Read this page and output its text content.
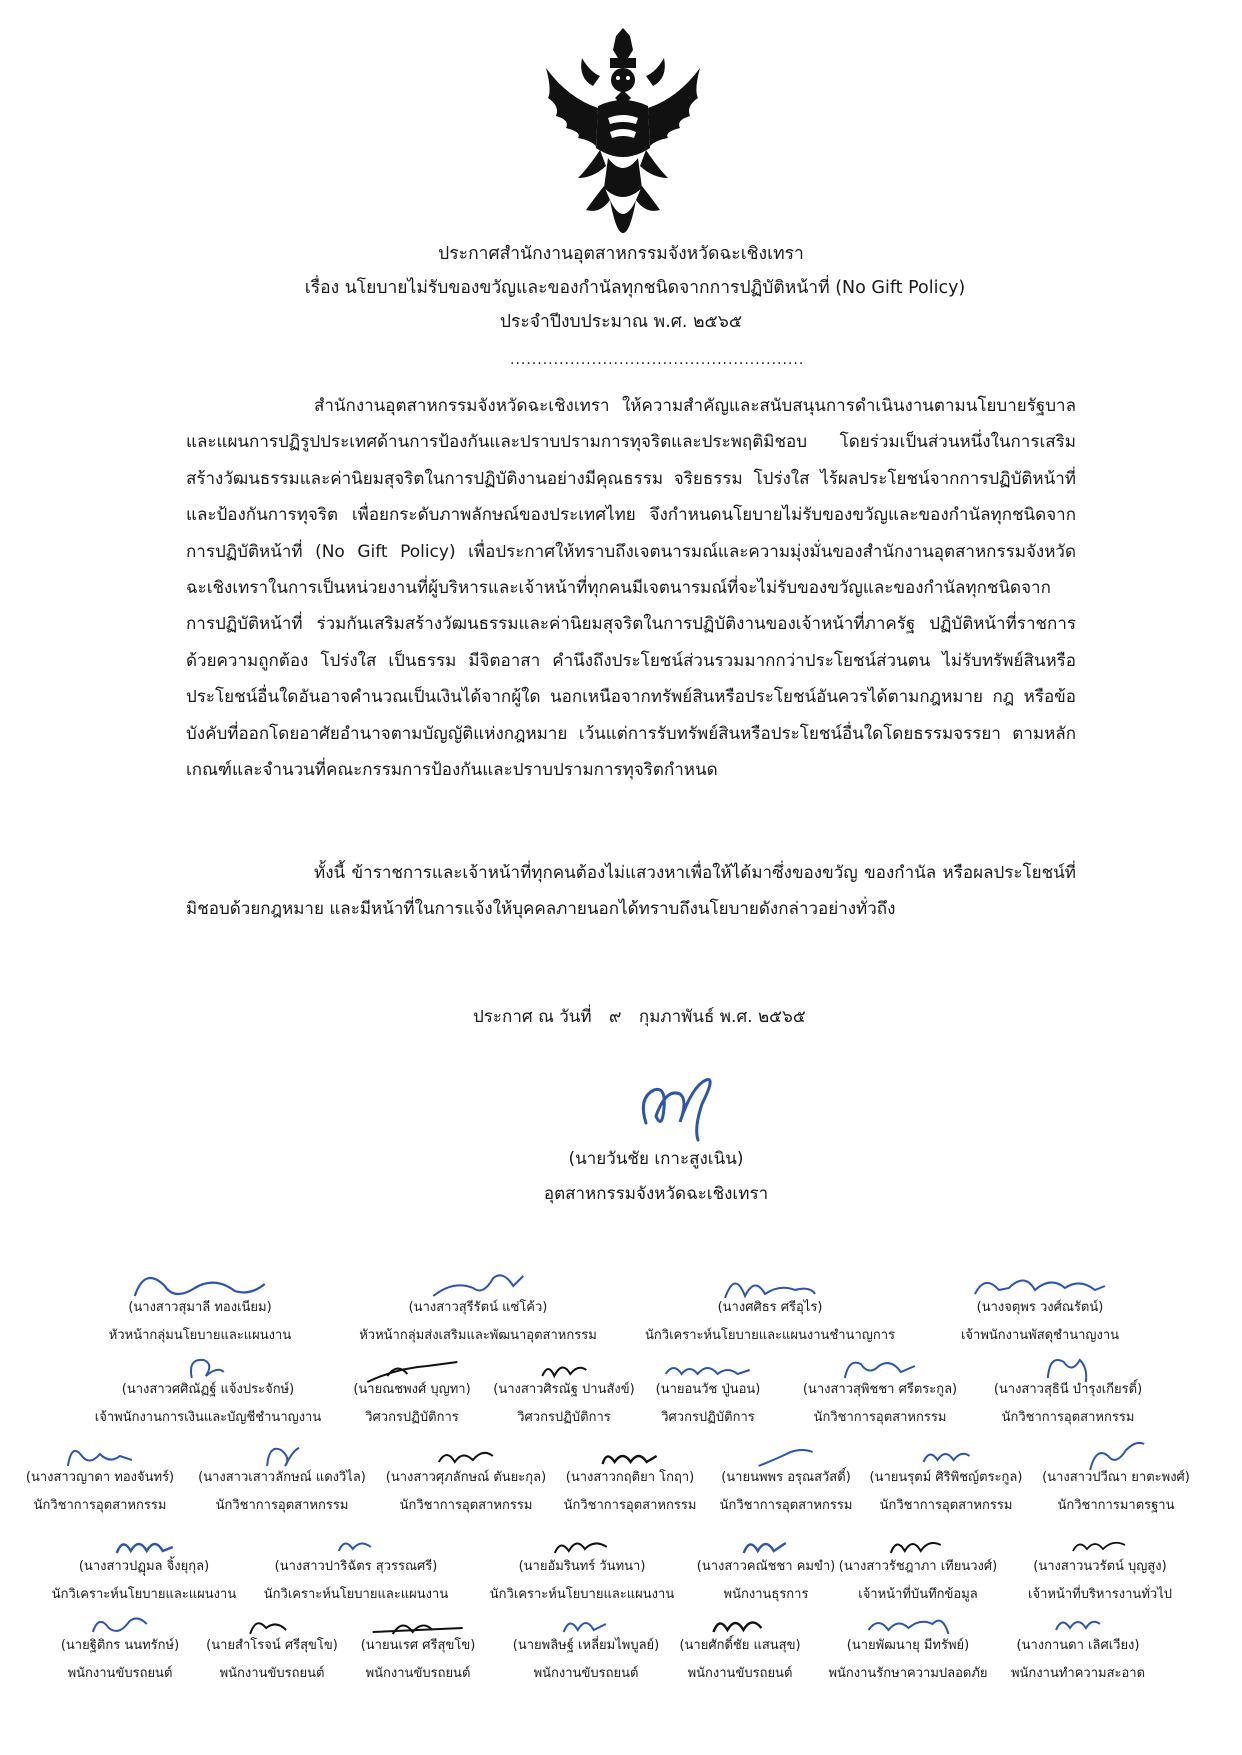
ประกาศสำนักงานอุตสาหกรรมจังหวัดฉะเชิงเทรา
เรื่อง นโยบายไม่รับของขวัญและของกำนัลทุกชนิดจากการปฏิบัติหน้าที่ (No Gift Policy)
ประจำปีงบประมาณ พ.ศ. ๒๕๖๕
......................................................
สำนักงานอุตสาหกรรมจังหวัดฉะเชิงเทรา ให้ความสำคัญและสนับสนุนการดำเนินงานตามนโยบายรัฐบาล และแผนการปฏิรูปประเทศด้านการป้องกันและปราบปรามการทุจริตและประพฤติมิชอบ โดยร่วมเป็นส่วนหนึ่งในการเสริมสร้างวัฒนธรรมและค่านิยมสุจริตในการปฏิบัติงานอย่างมีคุณธรรม จริยธรรม โปร่งใส ไร้ผลประโยชน์จากการปฏิบัติหน้าที่ และป้องกันการทุจริต เพื่อยกระดับภาพลักษณ์ของประเทศไทย จึงกำหนดนโยบายไม่รับของขวัญและของกำนัลทุกชนิดจากการปฏิบัติหน้าที่ (No Gift Policy) เพื่อประกาศให้ทราบถึงเจตนารมณ์และความมุ่งมั่นของสำนักงานอุตสาหกรรมจังหวัดฉะเชิงเทราในการเป็นหน่วยงานที่ผู้บริหารและเจ้าหน้าที่ทุกคนมีเจตนารมณ์ที่จะไม่รับของขวัญและของกำนัลทุกชนิดจากการปฏิบัติหน้าที่ ร่วมกันเสริมสร้างวัฒนธรรมและค่านิยมสุจริตในการปฏิบัติงานของเจ้าหน้าที่ภาครัฐ ปฏิบัติหน้าที่ราชการด้วยความถูกต้อง โปร่งใส เป็นธรรม มีจิตอาสา คำนึงถึงประโยชน์ส่วนรวมมากกว่าประโยชน์ส่วนตน ไม่รับทรัพย์สินหรือประโยชน์อื่นใดอันอาจคำนวณเป็นเงินได้จากผู้ใด นอกเหนือจากทรัพย์สินหรือประโยชน์อันควรได้ตามกฎหมาย กฎ หรือข้อบังคับที่ออกโดยอาศัยอำนาจตามบัญญัติแห่งกฎหมาย เว้นแต่การรับทรัพย์สินหรือประโยชน์อื่นใดโดยธรรมจรรยา ตามหลักเกณฑ์และจำนวนที่คณะกรรมการป้องกันและปราบปรามการทุจริตกำหนด
ทั้งนี้ ข้าราชการและเจ้าหน้าที่ทุกคนต้องไม่แสวงหาเพื่อให้ได้มาซึ่งของขวัญ ของกำนัล หรือผลประโยชน์ที่มิชอบด้วยกฎหมาย และมีหน้าที่ในการแจ้งให้บุคคลภายนอกได้ทราบถึงนโยบายดังกล่าวอย่างทั่วถึง
ประกาศ ณ วันที่ ๙ กุมภาพันธ์ พ.ศ. ๒๕๖๕
(นายวันชัย เกาะสูงเนิน)
อุตสาหกรรมจังหวัดฉะเชิงเทรา
(นางสาวสุมาลี ทองเนียม)
หัวหน้ากลุ่มนโยบายและแผนงาน
(นางสาวสุรีรัตน์ แซ่โค้ว)
หัวหน้ากลุ่มส่งเสริมและพัฒนาอุตสาหกรรม
(นางศศิธร ศรีอุไร)
นักวิเคราะห์นโยบายและแผนงานชำนาญการ
(นางจตุพร วงศ์ณรัตน์)
เจ้าพนักงานพัสดุชำนาญงาน
(นางสาวศศิณัฏฐ์ แจ้งประจักษ์)
เจ้าพนักงานการเงินและบัญชีชำนาญงาน
(นายณชพงศ์ บุญทา)
วิศวกรปฏิบัติการ
(นางสาวศิรณัฐ ปานสังข์)
วิศวกรปฏิบัติการ
(นายอนวัช ปู่นอน)
วิศวกรปฏิบัติการ
(นางสาวสุพิชชา ศรีตระกูล)
นักวิชาการอุตสาหกรรม
(นางสาวสุธินี บำรุงเกียรติ์)
นักวิชาการอุตสาหกรรม
(นางสาวญาดา ทองจันทร์)
นักวิชาการอุตสาหกรรม
(นางสาวเสาวลักษณ์ แดงวิไล)
นักวิชาการอุตสาหกรรม
(นางสาวศุภลักษณ์ ตันยะกุล)
นักวิชาการอุตสาหกรรม
(นางสาวกฤติยา โกฤา)
นักวิชาการอุตสาหกรรม
(นายนพพร อรุณสวัสดิ์)
นักวิชาการอุตสาหกรรม
(นายนรุตม์ ศิริพิชญ์ตระกูล)
นักวิชาการอุตสาหกรรม
(นางสาวปวีณา ยาตะพงศ์)
นักวิชาการมาตรฐาน
(นางสาวปฏุมล จิ้งยุกุล)
นักวิเคราะห์นโยบายและแผนงาน
(นางสาวปาริฉัตร สุวรรณศรี)
นักวิเคราะห์นโยบายและแผนงาน
(นายอัมรินทร์ วันทนา)
นักวิเคราะห์นโยบายและแผนงาน
(นางสาวคณัชชา คมขำ)
พนักงานธุรการ
(นางสาวรัชฎาภา เทียนวงศ์)
เจ้าหน้าที่บันทึกข้อมูล
(นางสาวนวรัตน์ บุญสูง)
เจ้าหน้าที่บริหารงานทั่วไป
(นายฐิติกร นนทรักษ์)
พนักงานขับรถยนต์
(นายสำโรจน์ ศรีสุขโข)
พนักงานขับรถยนต์
(นายนเรศ ศรีสุขโข)
พนักงานขับรถยนต์
(นายพลิษฐ์ เหลี่ยมไพบูลย์)
พนักงานขับรถยนต์
(นายศักดิ์ชัย แสนสุข)
พนักงานขับรถยนต์
(นายพัฒนายุ มีทรัพย์)
พนักงานรักษาความปลอดภัย
(นางกานดา เลิศเวียง)
พนักงานทำความสะอาด
